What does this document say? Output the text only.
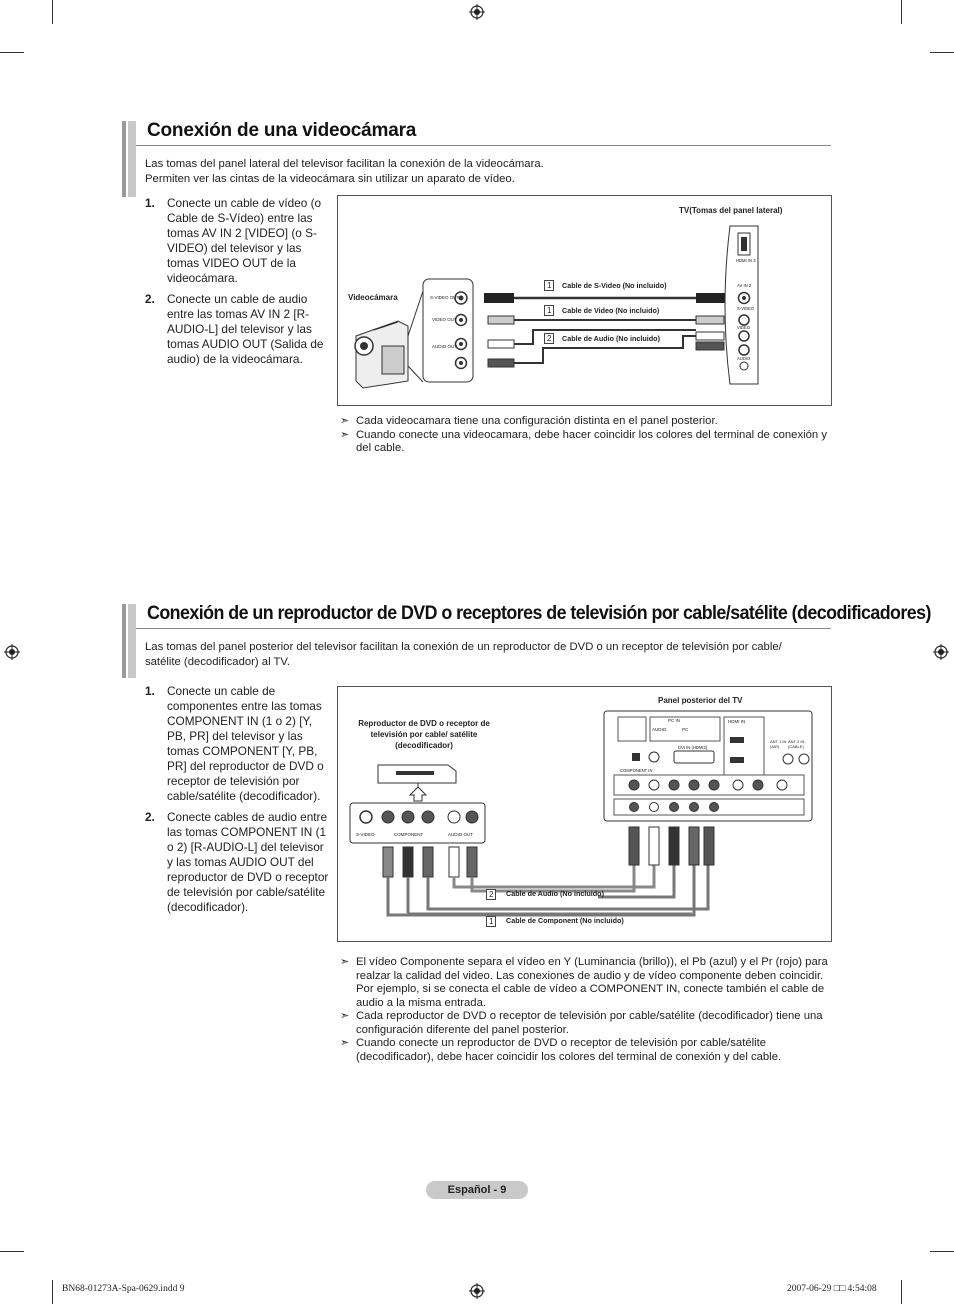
Conexión de una videocámara
Las tomas del panel lateral del televisor facilitan la conexión de la videocámara.
Permiten ver las cintas de la videocámara sin utilizar un aparato de vídeo.
1. Conecte un cable de vídeo (o Cable de S-Vídeo) entre las tomas AV IN 2 [VIDEO] (o S-VIDEO) del televisor y las tomas VIDEO OUT de la videocámara.
2. Conecte un cable de audio entre las tomas AV IN 2 [R-AUDIO-L] del televisor y las tomas AUDIO OUT (Salida de audio) de la videocámara.
TV(Tomas del panel lateral)
Videocámara	S-VIDEO OUT
VIDEO OUT
AUDIO OUT
HDMI IN 3
AV IN 2
S-VIDEO
VIDEO
AUDIO
1	Cable de S-Video (No incluido)
1	Cable de Video (No incluido)
2	Cable de Audio (No incluido)
➣ Cada videocamara tiene una configuración distinta en el panel posterior.
➣ Cuando conecte una videocamara, debe hacer coincidir los colores del terminal de conexión y del cable.
Conexión de un reproductor de DVD o receptores de televisión por cable/satélite (decodificadores)
Las tomas del panel posterior del televisor facilitan la conexión de un reproductor de DVD o un receptor de televisión por cable/
satélite (decodificador) al TV.
1. Conecte un cable de componentes entre las tomas COMPONENT IN (1 o 2) [Y, PB, PR] del televisor y las tomas COMPONENT [Y, PB, PR] del reproductor de DVD o receptor de televisión por cable/satélite (decodificador).
2. Conecte cables de audio entre las tomas COMPONENT IN (1 o 2) [R-AUDIO-L] del televisor y las tomas AUDIO OUT del reproductor de DVD o receptor de televisión por cable/satélite (decodificador).
Panel posterior del TV
Reproductor de DVD o receptor de televisión por cable/ satélite (decodificador)
S-VIDEO	COMPONENT	AUDIO OUT
PC IN
AUDIO	PC
HDMI IN
ANT 1 IN (AIR)
ANT 2 IN (CABLE)
DVI IN (HDMI2)
COMPONENT IN
2	Cable de Audio (No incluido)
1	Cable de Component (No incluido)
➣ El vídeo Componente separa el vídeo en Y (Luminancia (brillo)), el Pb (azul) y el Pr (rojo) para realzar la calidad del video. Las conexiones de audio y de vídeo componente deben coincidir. Por ejemplo, si se conecta el cable de vídeo a COMPONENT IN, conecte también el cable de audio a la misma entrada.
➣ Cada reproductor de DVD o receptor de televisión por cable/satélite (decodificador) tiene una configuración diferente del panel posterior.
➣ Cuando conecte un reproductor de DVD o receptor de televisión por cable/satélite (decodificador), debe hacer coincidir los colores del terminal de conexión y del cable.
Español - 9
BN68-01273A-Spa-0629.indd 9	2007-06-29 □□ 4:54:08
